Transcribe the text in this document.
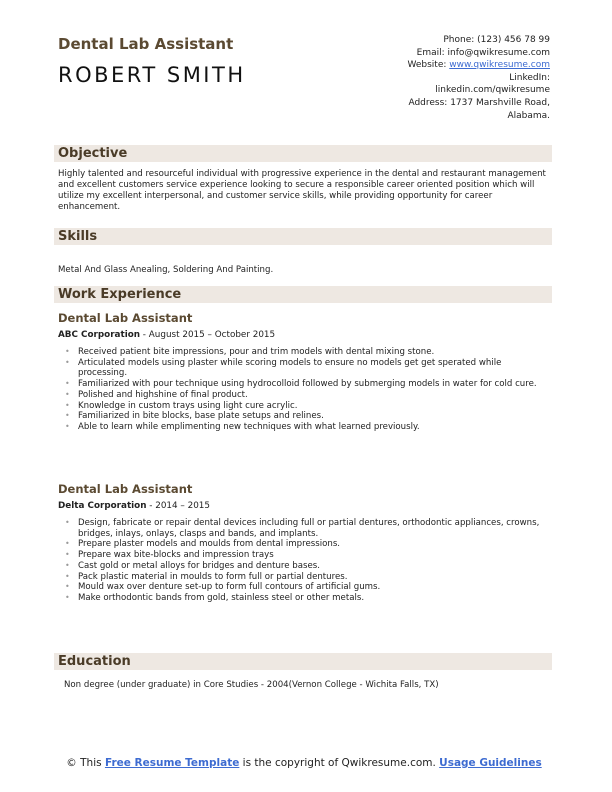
Dental Lab Assistant
ROBERT SMITH
Phone: (123) 456 78 99
Email: info@qwikresume.com
Website: www.qwikresume.com
LinkedIn:
linkedin.com/qwikresume
Address: 1737 Marshville Road,
Alabama.
Objective
Highly talented and resourceful individual with progressive experience in the dental and restaurant management and excellent customers service experience looking to secure a responsible career oriented position which will utilize my excellent interpersonal, and customer service skills, while providing opportunity for career enhancement.
Skills
Metal And Glass Anealing, Soldering And Painting.
Work Experience
Dental Lab Assistant
ABC Corporation - August 2015 – October 2015
• Received patient bite impressions, pour and trim models with dental mixing stone.
• Articulated models using plaster while scoring models to ensure no models get get sperated while processing.
• Familiarized with pour technique using hydrocolloid followed by submerging models in water for cold cure.
• Polished and highshine of final product.
• Knowledge in custom trays using light cure acrylic.
• Familiarized in bite blocks, base plate setups and relines.
• Able to learn while emplimenting new techniques with what learned previously.
Dental Lab Assistant
Delta Corporation - 2014 – 2015
• Design, fabricate or repair dental devices including full or partial dentures, orthodontic appliances, crowns, bridges, inlays, onlays, clasps and bands, and implants.
• Prepare plaster models and moulds from dental impressions.
• Prepare wax bite-blocks and impression trays
• Cast gold or metal alloys for bridges and denture bases.
• Pack plastic material in moulds to form full or partial dentures.
• Mould wax over denture set-up to form full contours of artificial gums.
• Make orthodontic bands from gold, stainless steel or other metals.
Education
Non degree (under graduate) in Core Studies - 2004(Vernon College - Wichita Falls, TX)
© This Free Resume Template is the copyright of Qwikresume.com. Usage Guidelines
